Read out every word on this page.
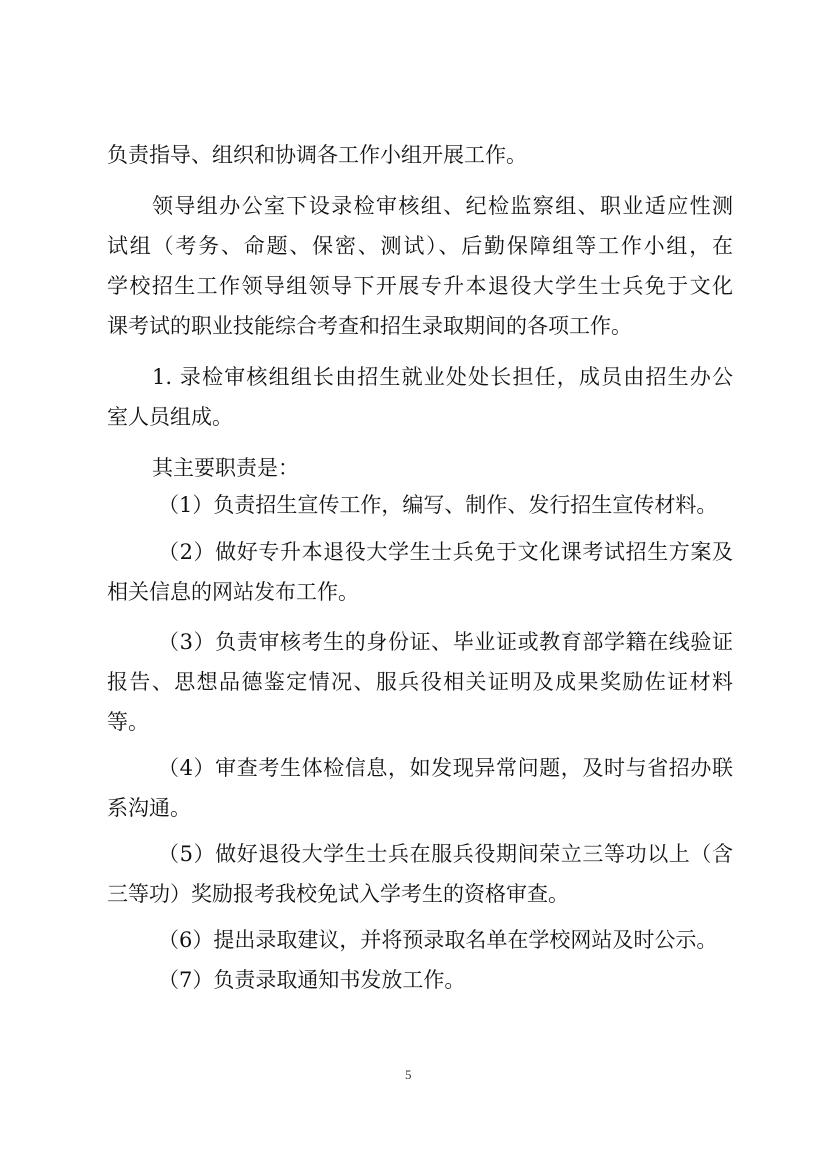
负责指导、组织和协调各工作小组开展工作。
领导组办公室下设录检审核组、纪检监察组、职业适应性测
试组（考务、命题、保密、测试）、后勤保障组等工作小组，在
学校招生工作领导组领导下开展专升本退役大学生士兵免于文化
课考试的职业技能综合考查和招生录取期间的各项工作。
1. 录检审核组组长由招生就业处处长担任，成员由招生办公
室人员组成。
其主要职责是：
（1）负责招生宣传工作，编写、制作、发行招生宣传材料。
（2）做好专升本退役大学生士兵免于文化课考试招生方案及
相关信息的网站发布工作。
（3）负责审核考生的身份证、毕业证或教育部学籍在线验证
报告、思想品德鉴定情况、服兵役相关证明及成果奖励佐证材料
等。
（4）审查考生体检信息，如发现异常问题，及时与省招办联
系沟通。
（5）做好退役大学生士兵在服兵役期间荣立三等功以上（含
三等功）奖励报考我校免试入学考生的资格审查。
（6）提出录取建议，并将预录取名单在学校网站及时公示。
（7）负责录取通知书发放工作。
5
